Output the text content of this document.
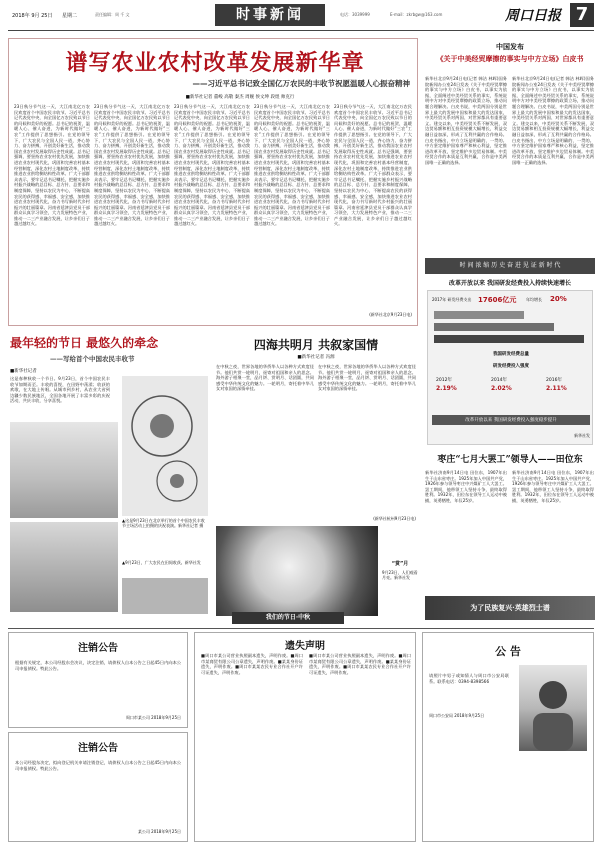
2018年 9月 25日 星期二	责任编辑：周 千 文	时事新闻	电话：3039999	E-mail：zkrbgw@163.com	周口日报 7
谱写农业农村改革发展新华章
——习近平总书记致全国亿万农民的丰收节祝愿温暖人心振奋精神
■新华社记者 董峻 高敬 秦杰 周婉 侯文坤 段煜 帅克行
23日秋分节气这一天，大江南北亿万农民欢度首个中国农民丰收节。习近平总书记代表党中央，向全国亿万农民致以节日的问候和美好的祝愿。总书记的祝贺，温暖人心、催人奋进，为新时代做好“三农”工作提供了思想指引。在党的领导下，广大农民与全国人民一道，齐心协力、奋力拼搏，开创美好新生活，推动我国农业农村发展取得历史性成就。总书记强调，要坚持农业农村优先发展，加快推进农业农村现代化，巩固和完善农村基本经营制度，深化农村土地制度改革，持续推进农业供给侧结构性改革。广大干部群众表示，要牢记总书记嘱托，把握实施乡村振兴战略的总目标、总方针、总要求和制度保障，坚持以农民为中心，不断提高农民的获得感、幸福感、安全感，加快推进农业农村现代化，奋力书写新时代乡村振兴的壮丽篇章。河南省延津县党员干部群众认真学习领会，大力发展特色产业，推动一二三产业融合发展，让乡亲们日子越过越红火。
23日秋分节气这一天，大江南北亿万农民欢度首个中国农民丰收节。习近平总书记代表党中央，向全国亿万农民致以节日的问候和美好的祝愿。总书记的祝贺，温暖人心、催人奋进，为新时代做好“三农”工作提供了思想指引。在党的领导下，广大农民与全国人民一道，齐心协力、奋力拼搏，开创美好新生活，推动我国农业农村发展取得历史性成就。总书记强调，要坚持农业农村优先发展，加快推进农业农村现代化，巩固和完善农村基本经营制度，深化农村土地制度改革，持续推进农业供给侧结构性改革。广大干部群众表示，要牢记总书记嘱托，把握实施乡村振兴战略的总目标、总方针、总要求和制度保障，坚持以农民为中心，不断提高农民的获得感、幸福感、安全感，加快推进农业农村现代化，奋力书写新时代乡村振兴的壮丽篇章。河南省延津县党员干部群众认真学习领会，大力发展特色产业，推动一二三产业融合发展，让乡亲们日子越过越红火。
23日秋分节气这一天，大江南北亿万农民欢度首个中国农民丰收节。习近平总书记代表党中央，向全国亿万农民致以节日的问候和美好的祝愿。总书记的祝贺，温暖人心、催人奋进，为新时代做好“三农”工作提供了思想指引。在党的领导下，广大农民与全国人民一道，齐心协力、奋力拼搏，开创美好新生活，推动我国农业农村发展取得历史性成就。总书记强调，要坚持农业农村优先发展，加快推进农业农村现代化，巩固和完善农村基本经营制度，深化农村土地制度改革，持续推进农业供给侧结构性改革。广大干部群众表示，要牢记总书记嘱托，把握实施乡村振兴战略的总目标、总方针、总要求和制度保障，坚持以农民为中心，不断提高农民的获得感、幸福感、安全感，加快推进农业农村现代化，奋力书写新时代乡村振兴的壮丽篇章。河南省延津县党员干部群众认真学习领会，大力发展特色产业，推动一二三产业融合发展，让乡亲们日子越过越红火。
23日秋分节气这一天，大江南北亿万农民欢度首个中国农民丰收节。习近平总书记代表党中央，向全国亿万农民致以节日的问候和美好的祝愿。总书记的祝贺，温暖人心、催人奋进，为新时代做好“三农”工作提供了思想指引。在党的领导下，广大农民与全国人民一道，齐心协力、奋力拼搏，开创美好新生活，推动我国农业农村发展取得历史性成就。总书记强调，要坚持农业农村优先发展，加快推进农业农村现代化，巩固和完善农村基本经营制度，深化农村土地制度改革，持续推进农业供给侧结构性改革。广大干部群众表示，要牢记总书记嘱托，把握实施乡村振兴战略的总目标、总方针、总要求和制度保障，坚持以农民为中心，不断提高农民的获得感、幸福感、安全感，加快推进农业农村现代化，奋力书写新时代乡村振兴的壮丽篇章。河南省延津县党员干部群众认真学习领会，大力发展特色产业，推动一二三产业融合发展，让乡亲们日子越过越红火。
23日秋分节气这一天，大江南北亿万农民欢度首个中国农民丰收节。习近平总书记代表党中央，向全国亿万农民致以节日的问候和美好的祝愿。总书记的祝贺，温暖人心、催人奋进，为新时代做好“三农”工作提供了思想指引。在党的领导下，广大农民与全国人民一道，齐心协力、奋力拼搏，开创美好新生活，推动我国农业农村发展取得历史性成就。总书记强调，要坚持农业农村优先发展，加快推进农业农村现代化，巩固和完善农村基本经营制度，深化农村土地制度改革，持续推进农业供给侧结构性改革。广大干部群众表示，要牢记总书记嘱托，把握实施乡村振兴战略的总目标、总方针、总要求和制度保障，坚持以农民为中心，不断提高农民的获得感、幸福感、安全感，加快推进农业农村现代化，奋力书写新时代乡村振兴的壮丽篇章。河南省延津县党员干部群众认真学习领会，大力发展特色产业，推动一二三产业融合发展，让乡亲们日子越过越红火。
(新华社北京9月23日电)
中国发布
《关于中美经贸摩擦的事实与中方立场》白皮书
新华社北京9月24日电(记者 韩洁 林晖)国务院新闻办公室24日发表《关于中美经贸摩擦的事实与中方立场》白皮书，以事实为依据，全面阐述中美经贸关系的事实，系统说明中方对中美经贸摩擦的政策立场，推动问题合理解决。白皮书说，中美两国分别是世界上最大的发展中国家和最大的发达国家，中美经贸关系对两国、对世界都具有重要意义。建交以来，中美经贸关系不断发展，双边贸易额和相互投资规模大幅增长，利益交融日益加深，形成了互利共赢的合作格局。白皮书指出，中方立场是明确的、一贯的。中方坚定维护国家尊严和核心利益，坚定推进改革开放，坚定维护多边贸易体制。中美经贸合作的本质是互利共赢，合作是中美两国唯一正确的选择。
新华社北京9月24日电(记者 韩洁 林晖)国务院新闻办公室24日发表《关于中美经贸摩擦的事实与中方立场》白皮书，以事实为依据，全面阐述中美经贸关系的事实，系统说明中方对中美经贸摩擦的政策立场，推动问题合理解决。白皮书说，中美两国分别是世界上最大的发展中国家和最大的发达国家，中美经贸关系对两国、对世界都具有重要意义。建交以来，中美经贸关系不断发展，双边贸易额和相互投资规模大幅增长，利益交融日益加深，形成了互利共赢的合作格局。白皮书指出，中方立场是明确的、一贯的。中方坚定维护国家尊严和核心利益，坚定推进改革开放，坚定维护多边贸易体制。中美经贸合作的本质是互利共赢，合作是中美两国唯一正确的选择。
时 间 浓 缩 历 史 奋 进 见 证 新 时 代
改革开放以来 我国研发经费投入持续快速增长
2017年 研发经费支出 17606亿元 年均增长 20%
我国研发经费总量
研发经费投入强度
2012年
2.19%
2014年
2.02%
2016年
2.11%
改革开放以来 我国研发经费投入强度稳步提升
新华社发
最年轻的节日 最悠久的牵念
——写给首个中国农民丰收节
■新华社记者
这是春种秋收一个节日。9月23日，首个中国农民丰收节如期而至。丰收的喜悦，在田野中荡漾；收获的欢歌，在大地上传唱。从城市到乡村，从农业大省到边疆少数民族地区，全国各地开展了丰富多彩的庆祝活动，共庆丰收，分享喜悦。
▲这是9月23日在北京举行的首个中国农民丰收节主场活动上拍摄的庆祝表演。新华社记者 摄
▲9月23日，广大农民在田间收获。新华社发
四海共明月 共叙家国情
■新华社记者 冯源
在中秋之夜，世界各地的华侨华人以各种方式欢度佳节。他们共赏一轮明月，遥寄对祖国和亲人的思念。海外游子相聚一堂，品月饼、赏明月、话团圆，共同感受中华传统文化的魅力。一轮明月，寄托着中华儿女对家国的深情牵挂。
在中秋之夜，世界各地的华侨华人以各种方式欢度佳节。他们共赏一轮明月，遥寄对祖国和亲人的思念。海外游子相聚一堂，品月饼、赏明月、话团圆，共同感受中华传统文化的魅力。一轮明月，寄托着中华儿女对家国的深情牵挂。
(新华社杭州9月23日电)
“赏”月
9月23日，人们观看月亮。新华社发
我们的节日·中秋
枣庄“七月大罢工”领导人——田位东
新华社济南9月14日电 田位东，1907年出生于山东省枣庄。1925年加入中国共产党，1926年参与领导枣庄中兴煤矿工人大罢工。罢工期间，他带领工人坚持斗争，最终取得胜利。1932年，田位东在领导工人运动中被捕，英勇牺牲，年仅25岁。
新华社济南9月14日电 田位东，1907年出生于山东省枣庄。1925年加入中国共产党，1926年参与领导枣庄中兴煤矿工人大罢工。罢工期间，他带领工人坚持斗争，最终取得胜利。1932年，田位东在领导工人运动中被捕，英勇牺牲，年仅25岁。
为了民族复兴·英雄烈士谱
注销公告
根据有关规定，本公司经股东会决议，决定注销，请债权人自本公告之日起45日内向本公司申报债权。特此公告。
周口市某公司 2018年9月25日
注销公告
本公司经股东决定，拟向登记机关申请注销登记，请债权人自本公告之日起45日内向本公司申报债权。特此公告。
某公司 2018年9月25日
遗失声明
■周口市某公司营业执照副本遗失，声明作废。■周口市某商贸有限公司公章遗失，声明作废。■某某身份证遗失，声明作废。■周口市某某农民专业合作社开户许可证遗失，声明作废。
■周口市某公司营业执照副本遗失，声明作废。■周口市某商贸有限公司公章遗失，声明作废。■某某身份证遗失，声明作废。■周口市某某农民专业合作社开户许可证遗失，声明作废。
公 告
请照片中男子或知情人与周口市公安局联系。联系电话：0394-8398566
周口市公安局 2018年9月25日
